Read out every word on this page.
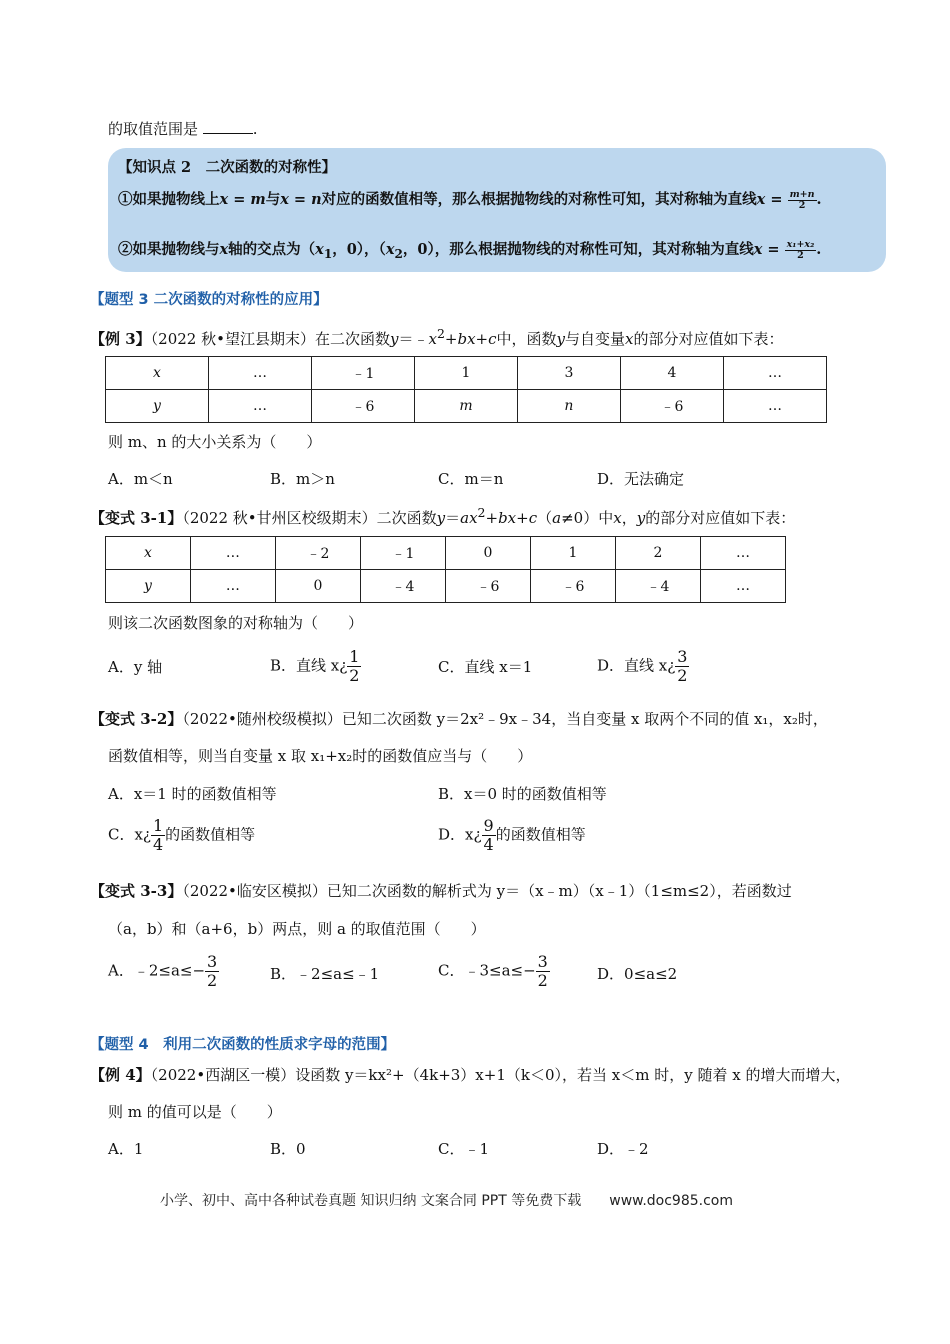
的取值范围是	.
【知识点 2　二次函数的对称性】
①如果抛物线上x = m与x = n对应的函数值相等，那么根据抛物线的对称性可知，其对称轴为直线$x = \frac{m+n}{2}$ .
②如果抛物线与x轴的交点为（$x_1$，0），（$x_2$，0），那么根据抛物线的对称性可知，其对称轴为直线$x = \frac{\text{x₁+x₂}}{2}$ .
【题型 3 二次函数的对称性的应用】
【例 3】（2022 秋•望江县期末）在二次函数$y=﹣x^2+bx+c$中，函数y与自变量x的部分对应值如下表：
x	…	﹣1	1	3	4	…
y	…	﹣6	m	n	﹣6	…
则 m、n 的大小关系为（　　）
A．m＜n	B．m＞n	C．m＝n	D．无法确定
【变式 3-1】（2022 秋•甘州区校级期末）二次函数$y=ax^2+bx+c(a\ne 0)$中x，y的部分对应值如下表：
x	…	﹣2	﹣1	0	1	2	…
y	…	0	﹣4	﹣6	﹣6	﹣4	…
则该二次函数图象的对称轴为（　　）
A．y 轴	B．直线 x¿ $\frac{1}{2}$	C．直线 x＝1	D．直线 x¿ $\frac{3}{2}$
【变式 3-2】（2022•随州校级模拟）已知二次函数 y＝2x²﹣9x﹣34，当自变量 x 取两个不同的值 x₁，x₂时，
函数值相等，则当自变量 x 取 x₁+x₂时的函数值应当与（　　）
A．x＝1 时的函数值相等	B．x＝0 时的函数值相等
C．x¿ $\frac{1}{4}$ 的函数值相等	D．x¿ $\frac{9}{4}$ 的函数值相等
【变式 3-3】（2022•临安区模拟）已知二次函数的解析式为 y＝（x﹣m）（x﹣1）（1≤m≤2），若函数过
（a，b）和（a+6，b）两点，则 a 的取值范围（　　）
A．﹣2≤a≤− $\frac{3}{2}$	B．﹣2≤a≤﹣1	C．﹣3≤a≤− $\frac{3}{2}$	D．0≤a≤2
【题型 4　利用二次函数的性质求字母的范围】
【例 4】（2022•西湖区一模）设函数 y＝kx²+（4k+3）x+1（k＜0），若当 x＜m 时，y 随着 x 的增大而增大，
则 m 的值可以是（　　）
A．1	B．0	C．﹣1	D．﹣2
小学、初中、高中各种试卷真题 知识归纳 文案合同 PPT 等免费下载 www.doc985.com
